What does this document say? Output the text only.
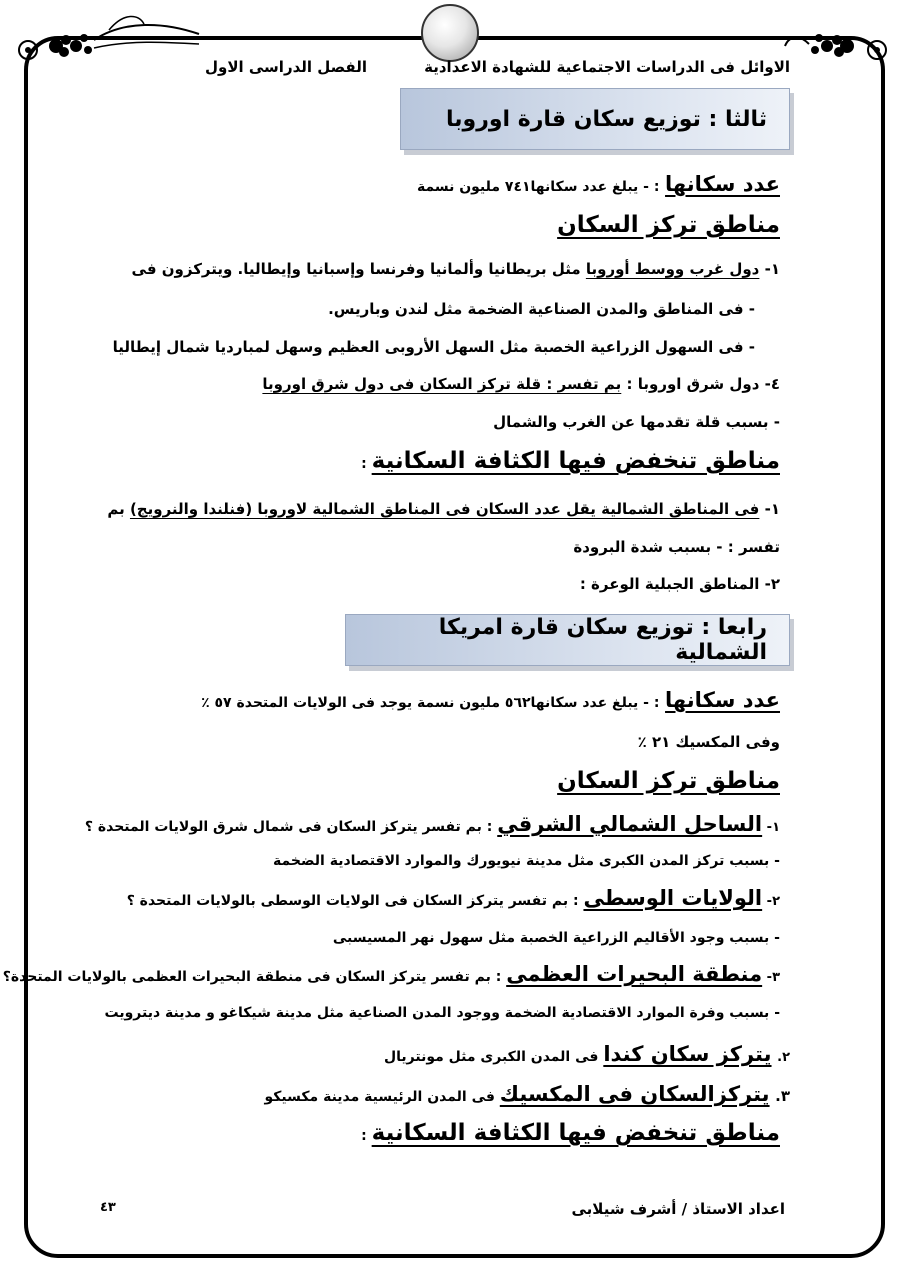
الاوائل فى الدراسات الاجتماعية للشهادة الاعدادية
الفصل الدراسى الاول
ثالثا : توزيع سكان قارة اوروبا
عدد سكانها : - يبلغ عدد سكانها٧٤١ مليون نسمة
مناطق تركز السكان
١- دول غرب ووسط أوروبا مثل بريطانيا وألمانيا وفرنسا وإسبانيا وإيطاليا. ويتركزون فى
- فى المناطق والمدن الصناعية الضخمة مثل لندن وباريس.
- فى السهول الزراعية الخصبة مثل السهل الأروبى العظيم وسهل لمبارديا شمال إيطاليا
٤- دول شرق اوروبا : بم تفسر : قلة تركز السكان فى دول شرق اوروبا
- بسبب قلة تقدمها عن الغرب والشمال
مناطق تنخفض فيها الكثافة السكانية :
١- فى المناطق الشمالية يقل عدد السكان فى المناطق الشمالية لاوروبا (فنلندا والنرويج) بم
تفسر : - بسبب شدة البرودة
٢- المناطق الجبلية الوعرة :
رابعا : توزيع سكان قارة امريكا الشمالية
عدد سكانها : - يبلغ عدد سكانها٥٦٢ مليون نسمة يوجد فى الولايات المتحدة ٥٧ ٪
وفى المكسيك ٢١ ٪
مناطق تركز السكان
١- الساحل الشمالي الشرقي : بم تفسر يتركز السكان فى شمال شرق الولايات المتحدة ؟
- بسبب تركز المدن الكبرى مثل مدينة نيويورك والموارد الاقتصادية الضخمة
٢- الولايات الوسطى : بم تفسر يتركز السكان فى الولايات الوسطى بالولايات المتحدة ؟
- بسبب وجود الأقاليم الزراعية الخصبة مثل سهول نهر المسيسبى
٣- منطقة البحيرات العظمى : بم تفسر يتركز السكان فى منطقة البحيرات العظمى بالولايات المتحدة؟
- بسبب وفرة الموارد الاقتصادية الضخمة ووجود المدن الصناعية مثل مدينة شيكاغو و مدينة ديترويت
٢. يتركز سكان كندا فى المدن الكبرى مثل مونتريال
٣. يتركزالسكان فى المكسيك فى المدن الرئيسية مدينة مكسيكو
مناطق تنخفض فيها الكثافة السكانية :
اعداد الاستاذ / أشرف شيلابى
٤٣
